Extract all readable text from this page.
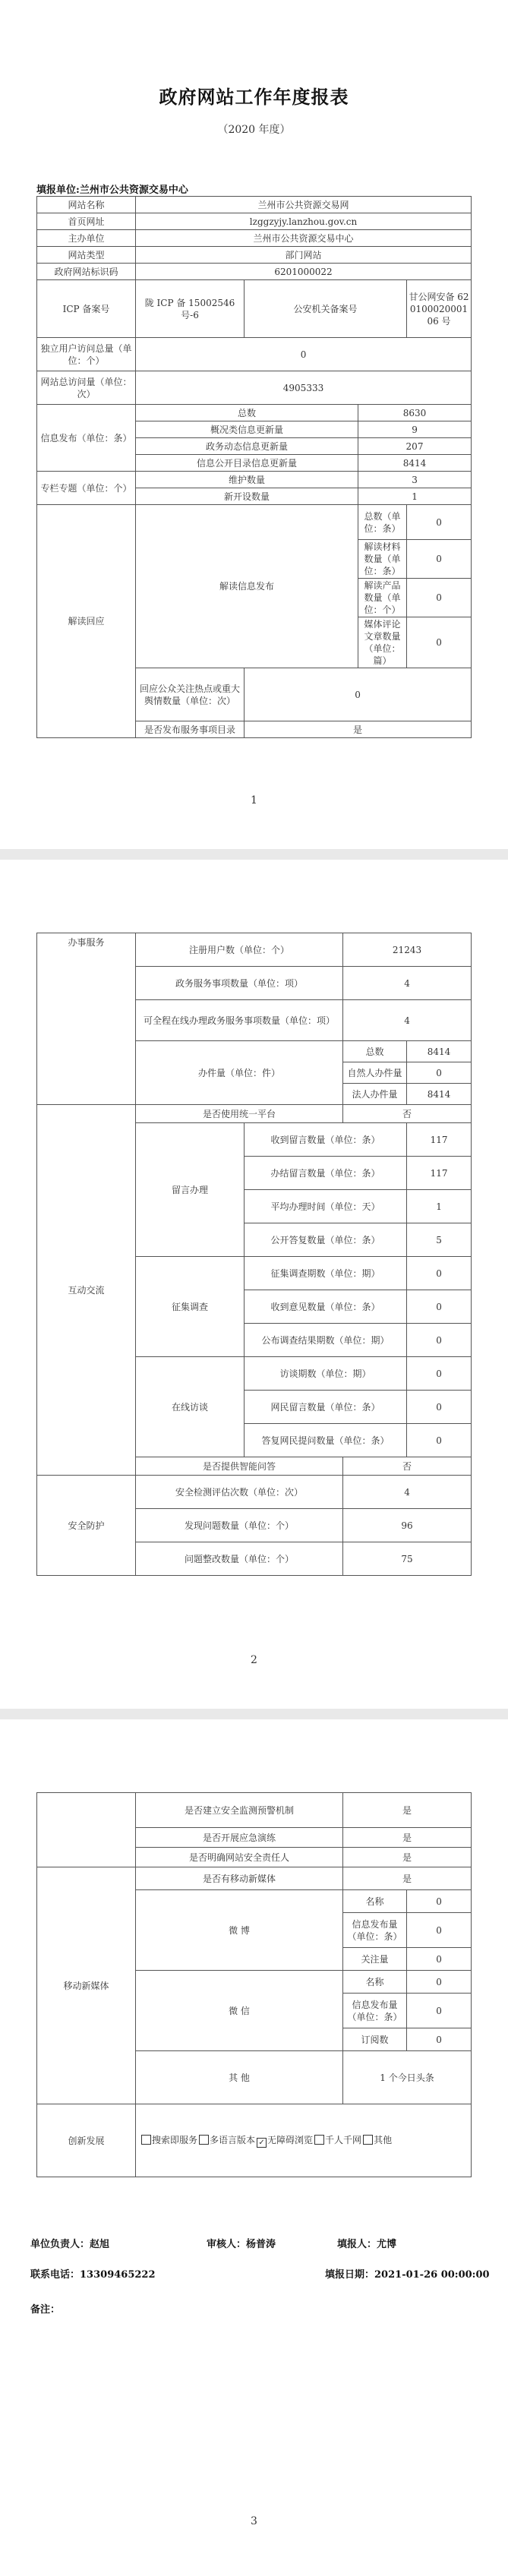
政府网站工作年度报表
（2020 年度）
填报单位:兰州市公共资源交易中心
网站名称	兰州市公共资源交易网			
首页网址	lzggzyjy.lanzhou.gov.cn			
主办单位	兰州市公共资源交易中心			
网站类型	部门网站			
政府网站标识码	6201000022			
ICP 备案号	陇 ICP 备 15002546 号-6	公安机关备案号		甘公网安备 62010002000106 号
独立用户访问总量（单位：个）	0			
网站总访问量（单位：次）	4905333			
信息发布（单位：条）	总数		8630	
	概况类信息更新量		9	
	政务动态信息更新量		207	
	信息公开目录信息更新量		8414	
专栏专题（单位：个）	维护数量		3	
	新开设数量		1	
解读回应	解读信息发布		总数（单位：条）	0
			解读材料数量（单位：条）	0
			解读产品数量（单位：个）	0
			媒体评论文章数量（单位：篇）	0
	回应公众关注热点或重大舆情数量（单位：次）	0		
	是否发布服务事项目录	是		
1
办事服务	注册用户数（单位：个）		21243	
	政务服务事项数量（单位：项）		4	
	可全程在线办理政务服务事项数量（单位：项）		4	
	办件量（单位：件）		总数	8414
			自然人办件量	0
			法人办件量	8414
互动交流	是否使用统一平台		否	
	留言办理	收到留言数量（单位：条）		117
		办结留言数量（单位：条）		117
		平均办理时间（单位：天）		1
		公开答复数量（单位：条）		5
	征集调查	征集调查期数（单位：期）		0
		收到意见数量（单位：条）		0
		公布调查结果期数（单位：期）		0
	在线访谈	访谈期数（单位：期）		0
		网民留言数量（单位：条）		0
		答复网民提问数量（单位：条）		0
	是否提供智能问答		否	
安全防护	安全检测评估次数（单位：次）		4	
	发现问题数量（单位：个）		96	
	问题整改数量（单位：个）		75	
2
	是否建立安全监测预警机制	是	
	是否开展应急演练	是	
	是否明确网站安全责任人	是	
移动新媒体	是否有移动新媒体	是	
	微 博	名称	0
		信息发布量（单位：条）	0
		关注量	0
	微 信	名称	0
		信息发布量（单位：条）	0
		订阅数	0
	其 他	1 个今日头条	
创新发展	搜索即服务 多语言版本 ✓ 无障碍浏览 千人千网 其他		
单位负责人：赵旭	审核人：杨普涛	填报人：尤博
联系电话：13309465222	填报日期：2021-01-26 00:00:00
备注：
3
